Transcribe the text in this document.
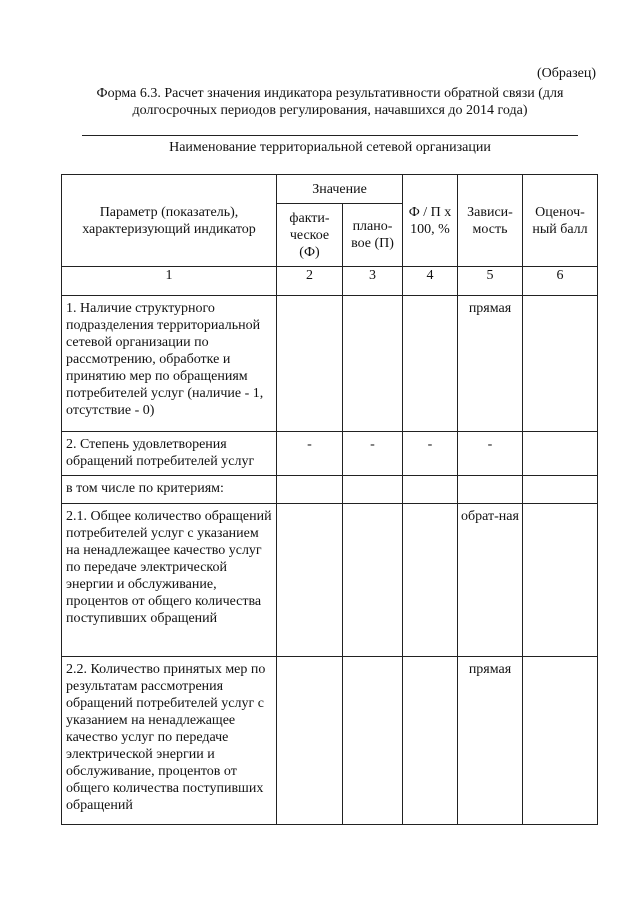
(Образец)
Форма 6.3. Расчет значения индикатора результативности обратной связи (для
долгосрочных периодов регулирования, начавшихся до 2014 года)
Наименование территориальной сетевой организации
Параметр (показатель), характеризующий индикатор	Значение		Ф / П х 100, %	Зависи-мость	Оценоч-ный балл
	факти-ческое (Ф)	плано-вое (П)			
1	2	3	4	5	6
1. Наличие структурного подразделения территориальной сетевой организации по рассмотрению, обработке и принятию мер по обращениям потребителей услуг (наличие - 1, отсутствие - 0)				прямая	
2. Степень удовлетворения обращений потребителей услуг	-	-	-	-	
в том числе по критериям:					
2.1. Общее количество обращений потребителей услуг с указанием на ненадлежащее качество услуг по передаче электрической энергии и обслуживание, процентов от общего количества поступивших обращений				обрат-ная	
2.2. Количество принятых мер по результатам рассмотрения обращений потребителей услуг с указанием на ненадлежащее качество услуг по передаче электрической энергии и обслуживание, процентов от общего количества поступивших обращений				прямая	
